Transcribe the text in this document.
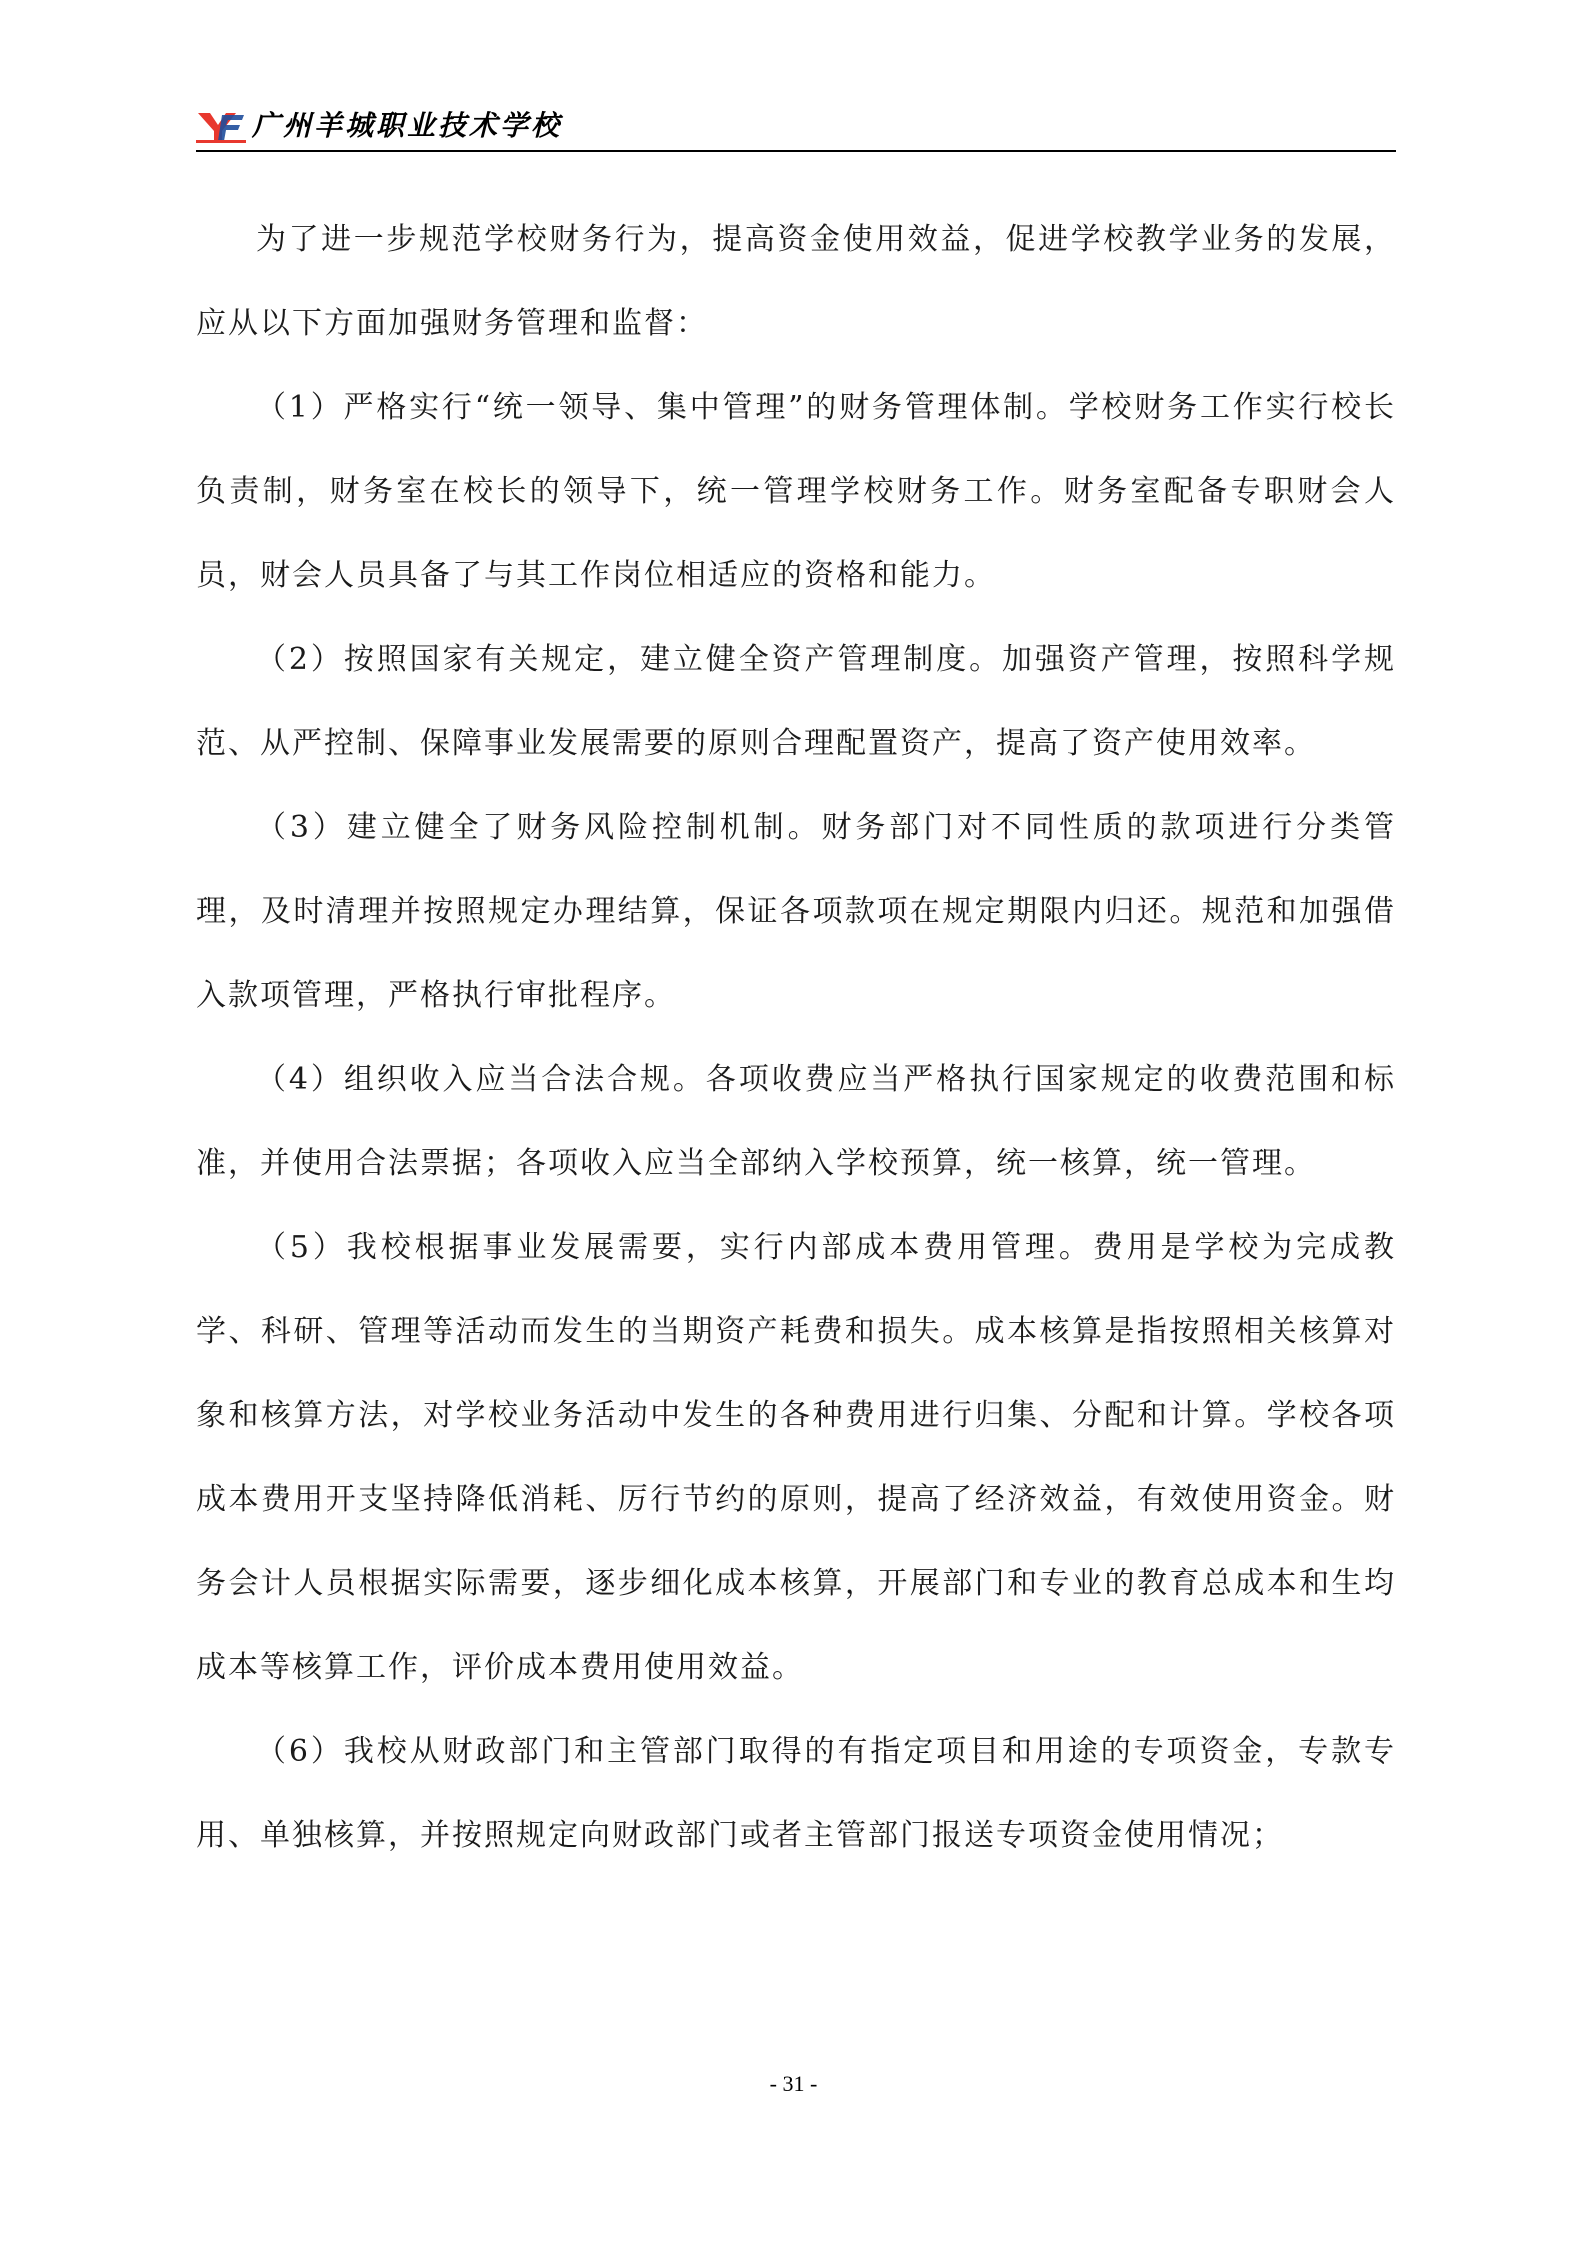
广州羊城职业技术学校

为了进一步规范学校财务行为，提高资金使用效益，促进学校教学业务的发展，应从以下方面加强财务管理和监督：

（1）严格实行“统一领导、集中管理”的财务管理体制。学校财务工作实行校长负责制，财务室在校长的领导下，统一管理学校财务工作。财务室配备专职财会人员，财会人员具备了与其工作岗位相适应的资格和能力。

（2）按照国家有关规定，建立健全资产管理制度。加强资产管理，按照科学规范、从严控制、保障事业发展需要的原则合理配置资产，提高了资产使用效率。

（3）建立健全了财务风险控制机制。财务部门对不同性质的款项进行分类管理，及时清理并按照规定办理结算，保证各项款项在规定期限内归还。规范和加强借入款项管理，严格执行审批程序。

（4）组织收入应当合法合规。各项收费应当严格执行国家规定的收费范围和标准，并使用合法票据；各项收入应当全部纳入学校预算，统一核算，统一管理。

（5）我校根据事业发展需要，实行内部成本费用管理。费用是学校为完成教学、科研、管理等活动而发生的当期资产耗费和损失。成本核算是指按照相关核算对象和核算方法，对学校业务活动中发生的各种费用进行归集、分配和计算。学校各项成本费用开支坚持降低消耗、厉行节约的原则，提高了经济效益，有效使用资金。财务会计人员根据实际需要，逐步细化成本核算，开展部门和专业的教育总成本和生均成本等核算工作，评价成本费用使用效益。

（6）我校从财政部门和主管部门取得的有指定项目和用途的专项资金，专款专用、单独核算，并按照规定向财政部门或者主管部门报送专项资金使用情况；

- 31 -
